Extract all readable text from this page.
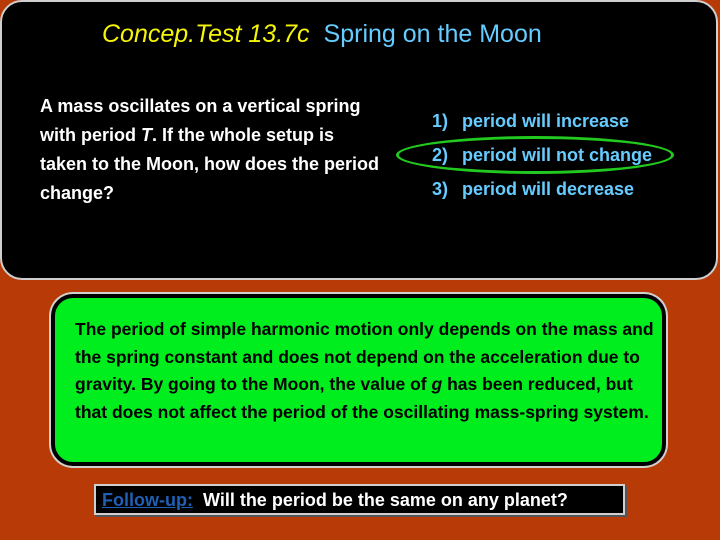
Concep.Test 13.7c Spring on the Moon
A mass oscillates on a vertical spring with period T. If the whole setup is taken to the Moon, how does the period change?
1) period will increase
2) period will not change
3) period will decrease
The period of simple harmonic motion only depends on the mass and the spring constant and does not depend on the acceleration due to gravity. By going to the Moon, the value of g has been reduced, but that does not affect the period of the oscillating mass-spring system.
Follow-up: Will the period be the same on any planet?
